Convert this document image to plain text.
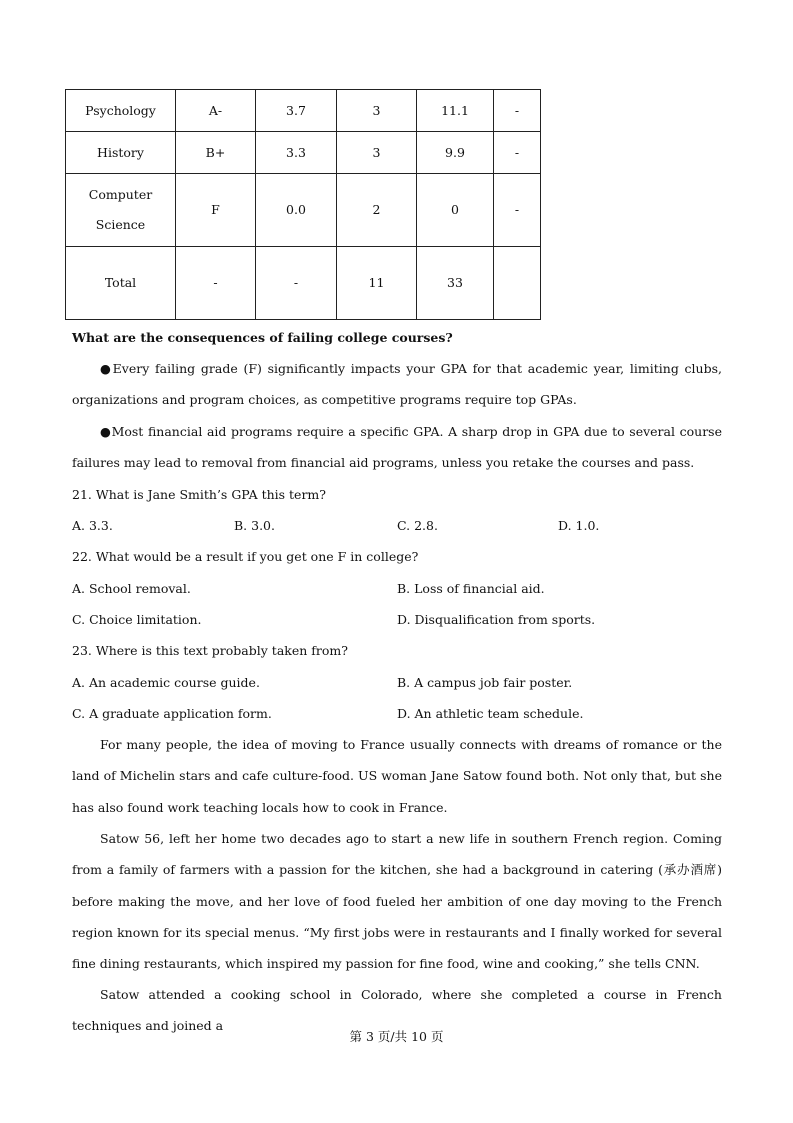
Psychology	A-	3.7	3	11.1	-
History	B+	3.3	3	9.9	-

Computer
Science	F	0.0	2	0	-
Total	-	-	11	33	
What are the consequences of failing college courses?
●Every failing grade (F) significantly impacts your GPA for that academic year, limiting clubs, organizations and program choices, as competitive programs require top GPAs.
●Most financial aid programs require a specific GPA. A sharp drop in GPA due to several course failures may lead to removal from financial aid programs, unless you retake the courses and pass.
21. What is Jane Smith’s GPA this term?
A. 3.3.	B. 3.0.	C. 2.8.	D. 1.0.
22. What would be a result if you get one F in college?
A. School removal.	B. Loss of financial aid.
C. Choice limitation.	D. Disqualification from sports.
23. Where is this text probably taken from?
A. An academic course guide.	B. A campus job fair poster.
C. A graduate application form.	D. An athletic team schedule.
For many people, the idea of moving to France usually connects with dreams of romance or the land of Michelin stars and cafe culture-food. US woman Jane Satow found both. Not only that, but she has also found work teaching locals how to cook in France.
Satow 56, left her home two decades ago to start a new life in southern French region. Coming from a family of farmers with a passion for the kitchen, she had a background in catering (承办酒席) before making the move, and her love of food fueled her ambition of one day moving to the French region known for its special menus. “My first jobs were in restaurants and I finally worked for several fine dining restaurants, which inspired my passion for fine food, wine and cooking,” she tells CNN.
Satow attended a cooking school in Colorado, where she completed a course in French techniques and joined a
第 3 页/共 10 页
